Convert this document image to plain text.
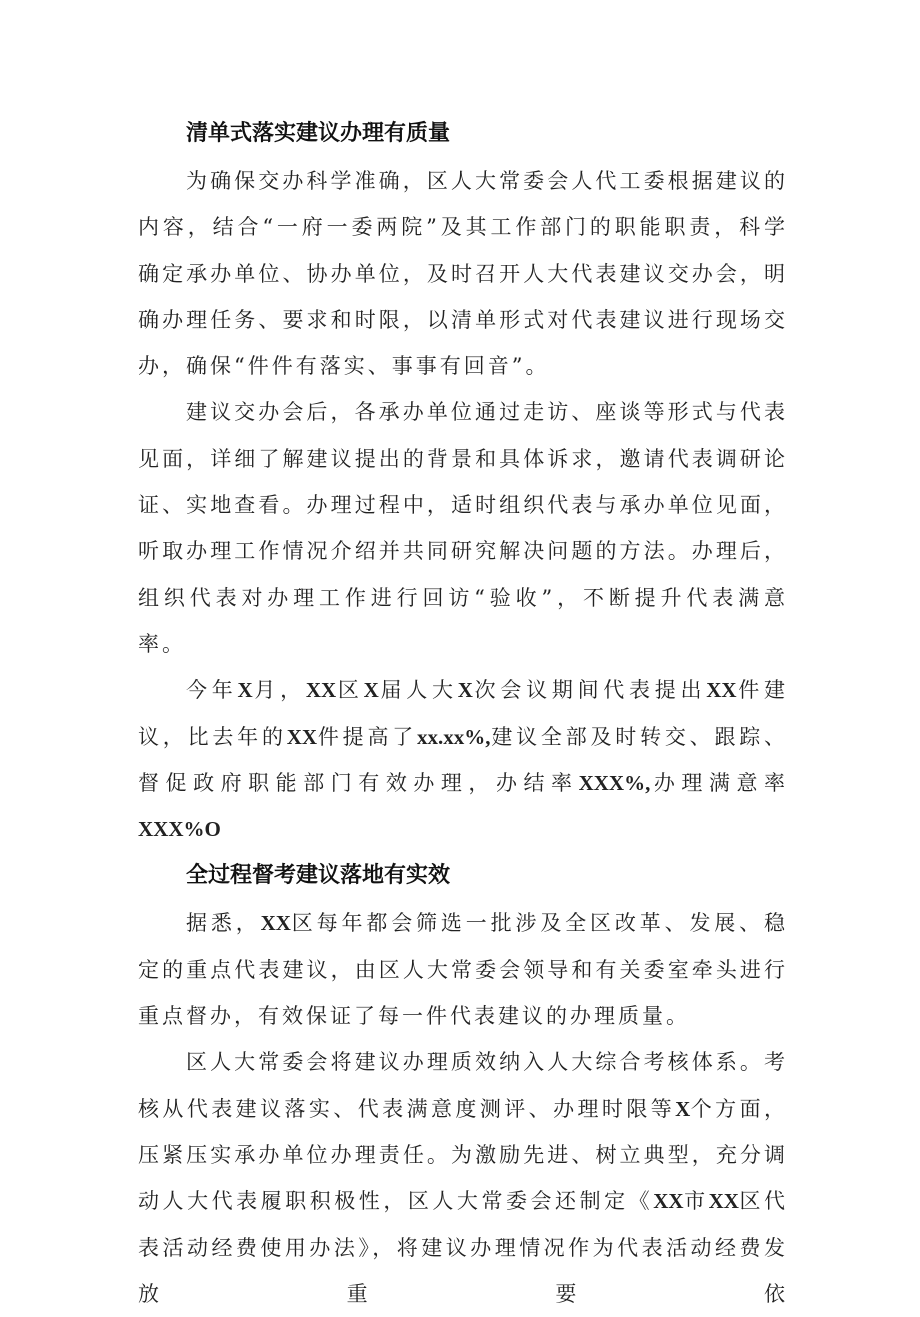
清单式落实建议办理有质量

为确保交办科学准确，区人大常委会人代工委根据建议的内容，结合“一府一委两院”及其工作部门的职能职责，科学确定承办单位、协办单位，及时召开人大代表建议交办会，明确办理任务、要求和时限，以清单形式对代表建议进行现场交办，确保“件件有落实、事事有回音”。

建议交办会后，各承办单位通过走访、座谈等形式与代表见面，详细了解建议提出的背景和具体诉求，邀请代表调研论证、实地查看。办理过程中，适时组织代表与承办单位见面，听取办理工作情况介绍并共同研究解决问题的方法。办理后，组织代表对办理工作进行回访“验收”，不断提升代表满意率。

今年X月，XX区X届人大X次会议期间代表提出XX件建议，比去年的XX件提高了xx.xx%,建议全部及时转交、跟踪、督促政府职能部门有效办理，办结率XXX%,办理满意率XXX%O

全过程督考建议落地有实效

据悉，XX区每年都会筛选一批涉及全区改革、发展、稳定的重点代表建议，由区人大常委会领导和有关委室牵头进行重点督办，有效保证了每一件代表建议的办理质量。

区人大常委会将建议办理质效纳入人大综合考核体系。考核从代表建议落实、代表满意度测评、办理时限等X个方面，压紧压实承办单位办理责任。为激励先进、树立典型，充分调动人大代表履职积极性，区人大常委会还制定《XX市XX区代表活动经费使用办法》，将建议办理情况作为代表活动经费发放重要依
